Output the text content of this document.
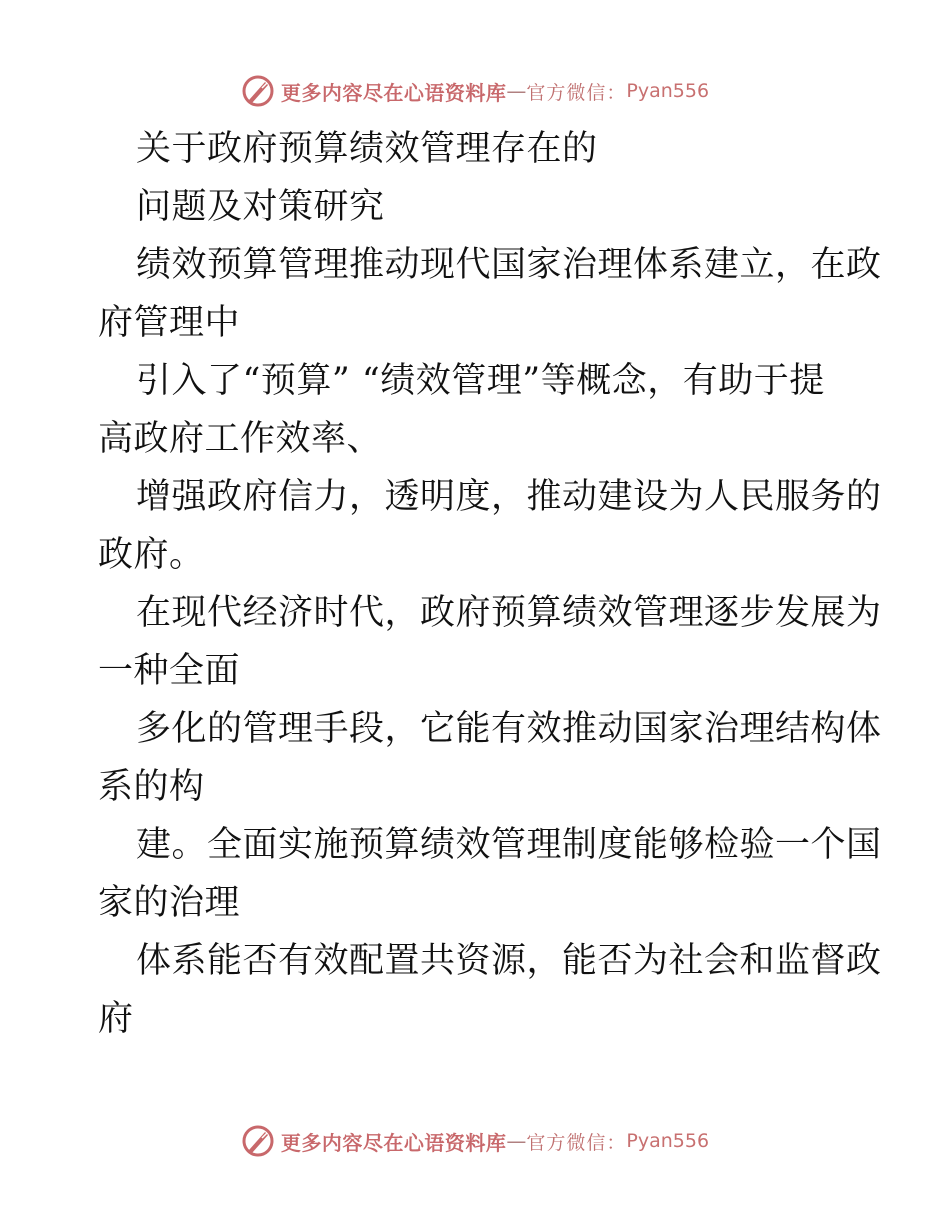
更多内容尽在心语资料库 — 官方微信： Pyan556
关于政府预算绩效管理存在的
问题及对策研究
绩效预算管理推动现代国家治理体系建立，在政
府管理中
引入了“预算” “绩效管理”等概念，有助于提
高政府工作效率、
增强政府信力，透明度，推动建设为人民服务的
政府。
在现代经济时代，政府预算绩效管理逐步发展为
一种全面
多化的管理手段，它能有效推动国家治理结构体
系的构
建。全面实施预算绩效管理制度能够检验一个国
家的治理
体系能否有效配置共资源，能否为社会和监督政
府
更多内容尽在心语资料库 — 官方微信： Pyan556
